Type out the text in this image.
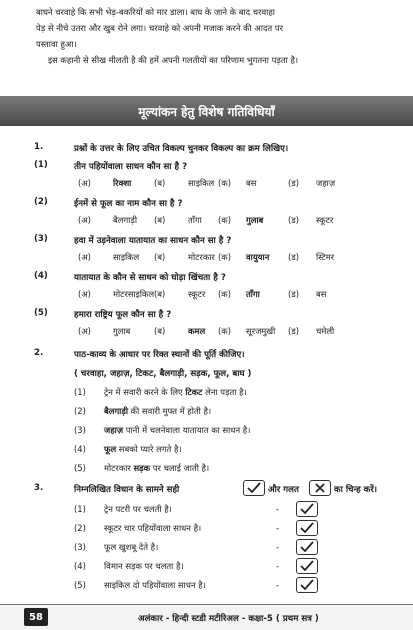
बाघने चरवाहे कि सभी भेड़-बकरियों को मार डाला। बाघ के जाने के बाद चरवाहा

पेड़ से नीचे उतरा और खुब रोने लगा। चरवाहे को अपनी मजाक करने की आदत पर

पस्तावा हुआ।

इस कहानी से सीख मीलती है की हमें अपनी गलतीयों का परिणाम भुगतना पड़ता है।

मूल्यांकन हेतु विशेष गतिविधियाँ
1.	प्रश्नों के उत्तर के लिए उचित विकल्प चुनकर विकल्प का क्रम लिखिए।
(1)	तीन पहियोंवाला साधन कौन सा है ?
(अ)	रिक्शा	(ब)	साइकिल (क) बस	(ड) जहाज़
(2)	ईनमें से फूल का नाम कौन सा है ?
(अ)	बैलगाड़ी (ब)	ताँगा (क) गुलाब	(ड) स्कूटर
(3)	हवा में उड़नेवाला यातायात का साधन कौन सा है ?
(अ)	साइकिल (ब)	मोटरकार (क) वायुयान (ड) स्टिमर
(4)	यातायात के कौन से साधन को घोड़ा खिंचता है ?
(अ)	मोटरसाइकिल (ब)	स्कूटर (क) ताँगा	(ड) बस
(5)	हमारा राष्ट्रिय फूल कौन सा है ?
(अ)	गुलाब	(ब)	कमल (क) सूरजमुखी (ड) चमेली
2.	पाठ-काव्य के आधार पर रिक्त स्थानों की पूर्ति कीजिए।
( चरवाहा, जहाज़, टिकट, बैलगाड़ी, सड़क, फूल, बाघ )
(1) ट्रेन में सवारी करने के लिए टिकट लेना पड़ता है।
(2) बैलगाड़ी की सवारी मुफ्त में होती है।
(3) जहाज़ पानी में चलनेवाला यातायात का साधन है।
(4) फूल सबको प्यारे लगते है।
(5) मोटरकार सड़क पर चलाई जाती है।
3.	निम्नलिखित विधान के सामने सही	और गलत	का चिन्ह करें।
(1) ट्रेन पटरी पर चलती है।	-
(2) स्कूटर चार पहियोंवाला साधन है।	-
(3) फूल खुशबू देते है।	-
(4) विमान सड़क पर चलता है।	-
(5) साइकिल दो पहियोंवाला साधन है।	-
58	अलंकार - हिन्दी स्टडी मटीरिअल - कक्षा-5 ( प्रथम सत्र )
